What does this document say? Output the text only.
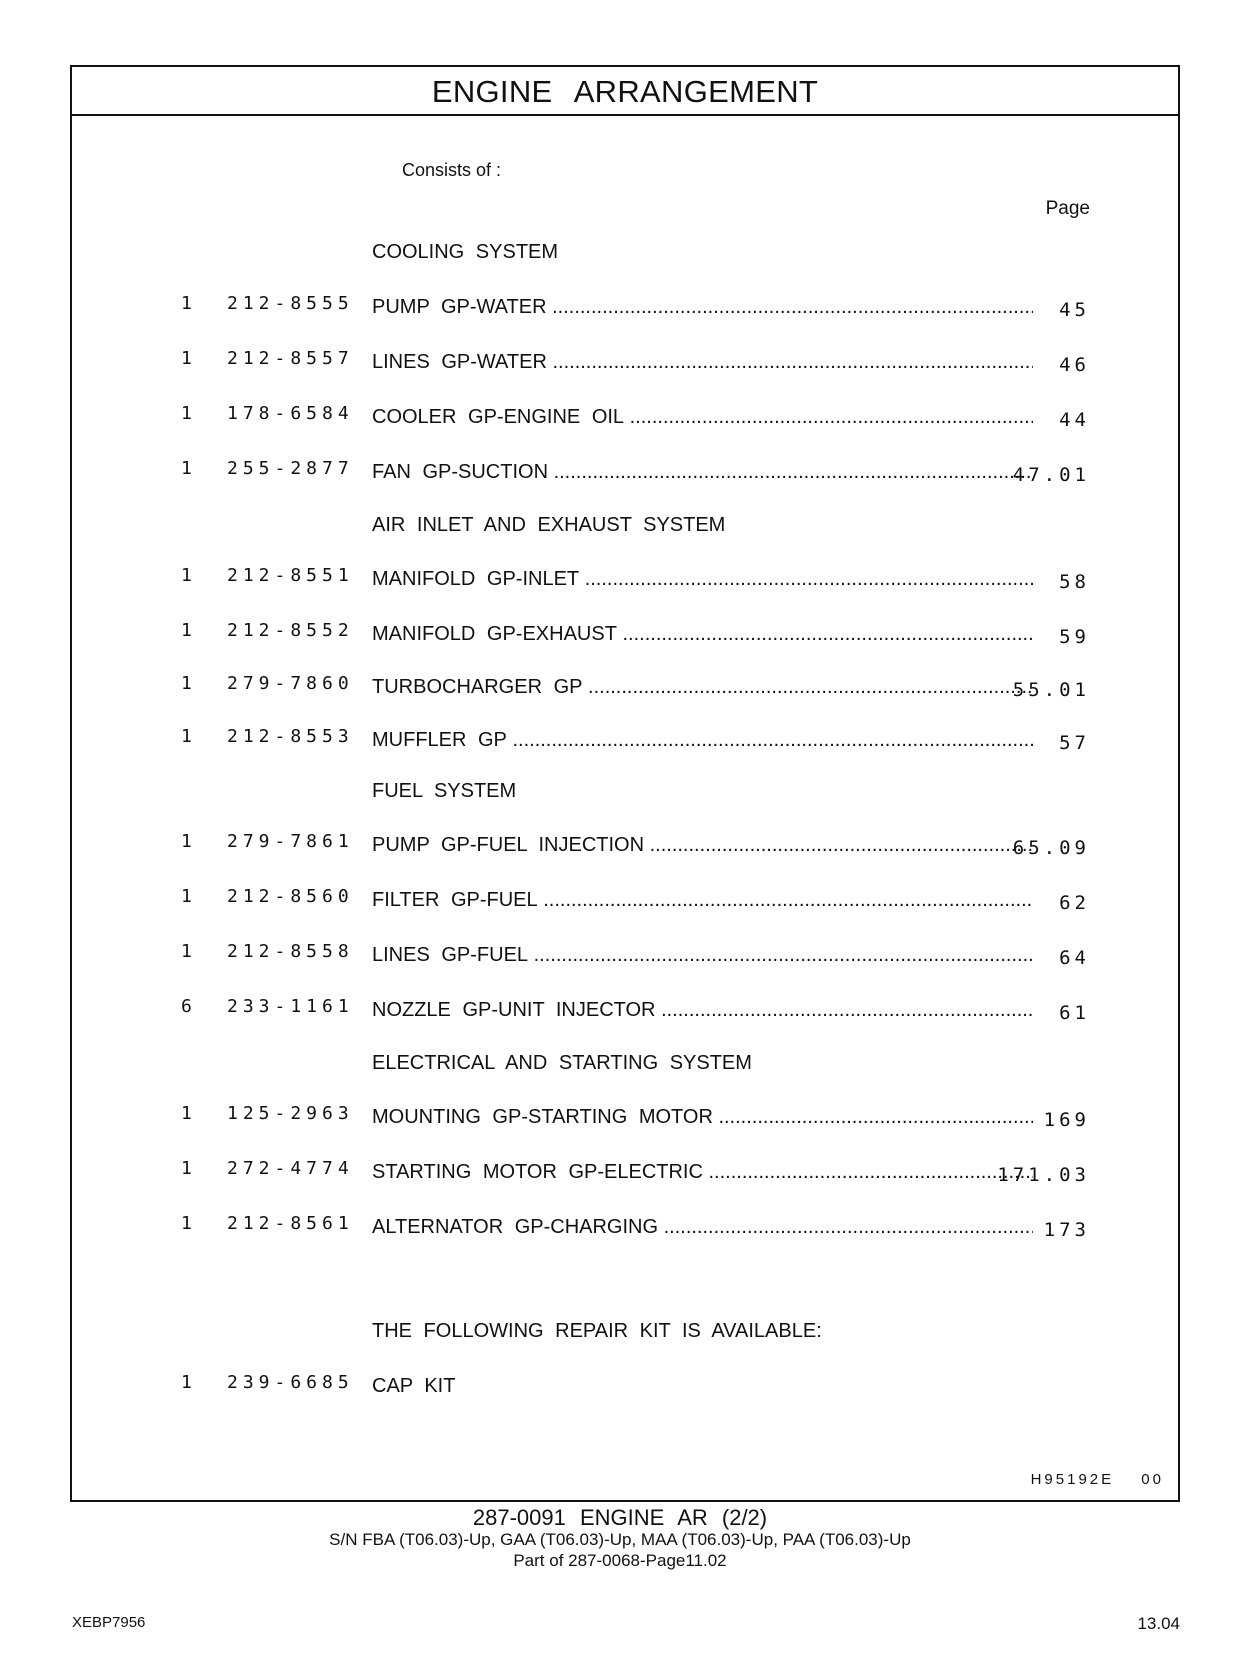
ENGINE ARRANGEMENT
Consists of :
Page
COOLING SYSTEM
1 212-8555 PUMP GP-WATER .....	45
1 212-8557 LINES GP-WATER .....	46
1 178-6584 COOLER GP-ENGINE OIL .....	44
1 255-2877 FAN GP-SUCTION .....	47.01
AIR INLET AND EXHAUST SYSTEM
1 212-8551 MANIFOLD GP-INLET .....	58
1 212-8552 MANIFOLD GP-EXHAUST .....	59
1 279-7860 TURBOCHARGER GP .....	55.01
1 212-8553 MUFFLER GP .....	57
FUEL SYSTEM
1 279-7861 PUMP GP-FUEL INJECTION .....	65.09
1 212-8560 FILTER GP-FUEL .....	62
1 212-8558 LINES GP-FUEL .....	64
6 233-1161 NOZZLE GP-UNIT INJECTOR .....	61
ELECTRICAL AND STARTING SYSTEM
1 125-2963 MOUNTING GP-STARTING MOTOR .....	169
1 272-4774 STARTING MOTOR GP-ELECTRIC .....	171.03
1 212-8561 ALTERNATOR GP-CHARGING .....	173
THE FOLLOWING REPAIR KIT IS AVAILABLE:
1 239-6685 CAP KIT
H95192E 00
287-0091 ENGINE AR (2/2)
S/N FBA (T06.03)-Up, GAA (T06.03)-Up, MAA (T06.03)-Up, PAA (T06.03)-Up
Part of 287-0068-Page11.02
XEBP7956	13.04
